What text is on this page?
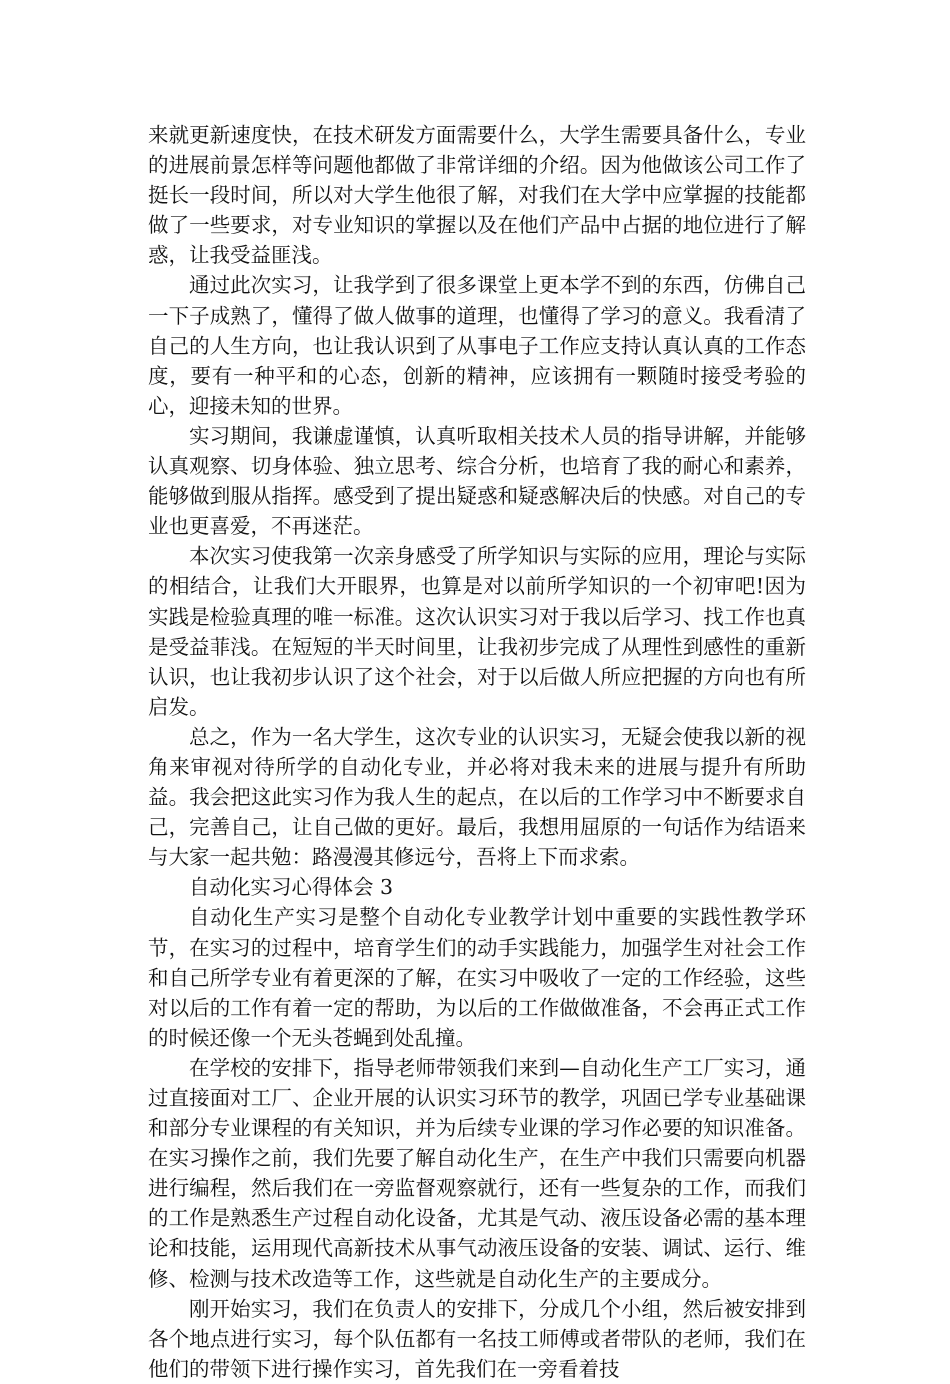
来就更新速度快，在技术研发方面需要什么，大学生需要具备什么，专业的进展前景怎样等问题他都做了非常详细的介绍。因为他做该公司工作了挺长一段时间，所以对大学生他很了解，对我们在大学中应掌握的技能都做了一些要求，对专业知识的掌握以及在他们产品中占据的地位进行了解惑，让我受益匪浅。

通过此次实习，让我学到了很多课堂上更本学不到的东西，仿佛自己一下子成熟了，懂得了做人做事的道理，也懂得了学习的意义。我看清了自己的人生方向，也让我认识到了从事电子工作应支持认真认真的工作态度，要有一种平和的心态，创新的精神，应该拥有一颗随时接受考验的心，迎接未知的世界。

实习期间，我谦虚谨慎，认真听取相关技术人员的指导讲解，并能够认真观察、切身体验、独立思考、综合分析，也培育了我的耐心和素养，能够做到服从指挥。感受到了提出疑惑和疑惑解决后的快感。对自己的专业也更喜爱，不再迷茫。

本次实习使我第一次亲身感受了所学知识与实际的应用，理论与实际的相结合，让我们大开眼界，也算是对以前所学知识的一个初审吧!因为实践是检验真理的唯一标准。这次认识实习对于我以后学习、找工作也真是受益菲浅。在短短的半天时间里，让我初步完成了从理性到感性的重新认识，也让我初步认识了这个社会，对于以后做人所应把握的方向也有所启发。

总之，作为一名大学生，这次专业的认识实习，无疑会使我以新的视角来审视对待所学的自动化专业，并必将对我未来的进展与提升有所助益。我会把这此实习作为我人生的起点，在以后的工作学习中不断要求自己，完善自己，让自己做的更好。最后，我想用屈原的一句话作为结语来与大家一起共勉：路漫漫其修远兮，吾将上下而求索。

自动化实习心得体会 3

自动化生产实习是整个自动化专业教学计划中重要的实践性教学环节，在实习的过程中，培育学生们的动手实践能力，加强学生对社会工作和自己所学专业有着更深的了解，在实习中吸收了一定的工作经验，这些对以后的工作有着一定的帮助，为以后的工作做做准备，不会再正式工作的时候还像一个无头苍蝇到处乱撞。

在学校的安排下，指导老师带领我们来到—自动化生产工厂实习，通过直接面对工厂、企业开展的认识实习环节的教学，巩固已学专业基础课和部分专业课程的有关知识，并为后续专业课的学习作必要的知识准备。在实习操作之前，我们先要了解自动化生产，在生产中我们只需要向机器进行编程，然后我们在一旁监督观察就行，还有一些复杂的工作，而我们的工作是熟悉生产过程自动化设备，尤其是气动、液压设备必需的基本理论和技能，运用现代高新技术从事气动液压设备的安装、调试、运行、维修、检测与技术改造等工作，这些就是自动化生产的主要成分。

刚开始实习，我们在负责人的安排下，分成几个小组，然后被安排到各个地点进行实习，每个队伍都有一名技工师傅或者带队的老师，我们在他们的带领下进行操作实习，首先我们在一旁看着技
